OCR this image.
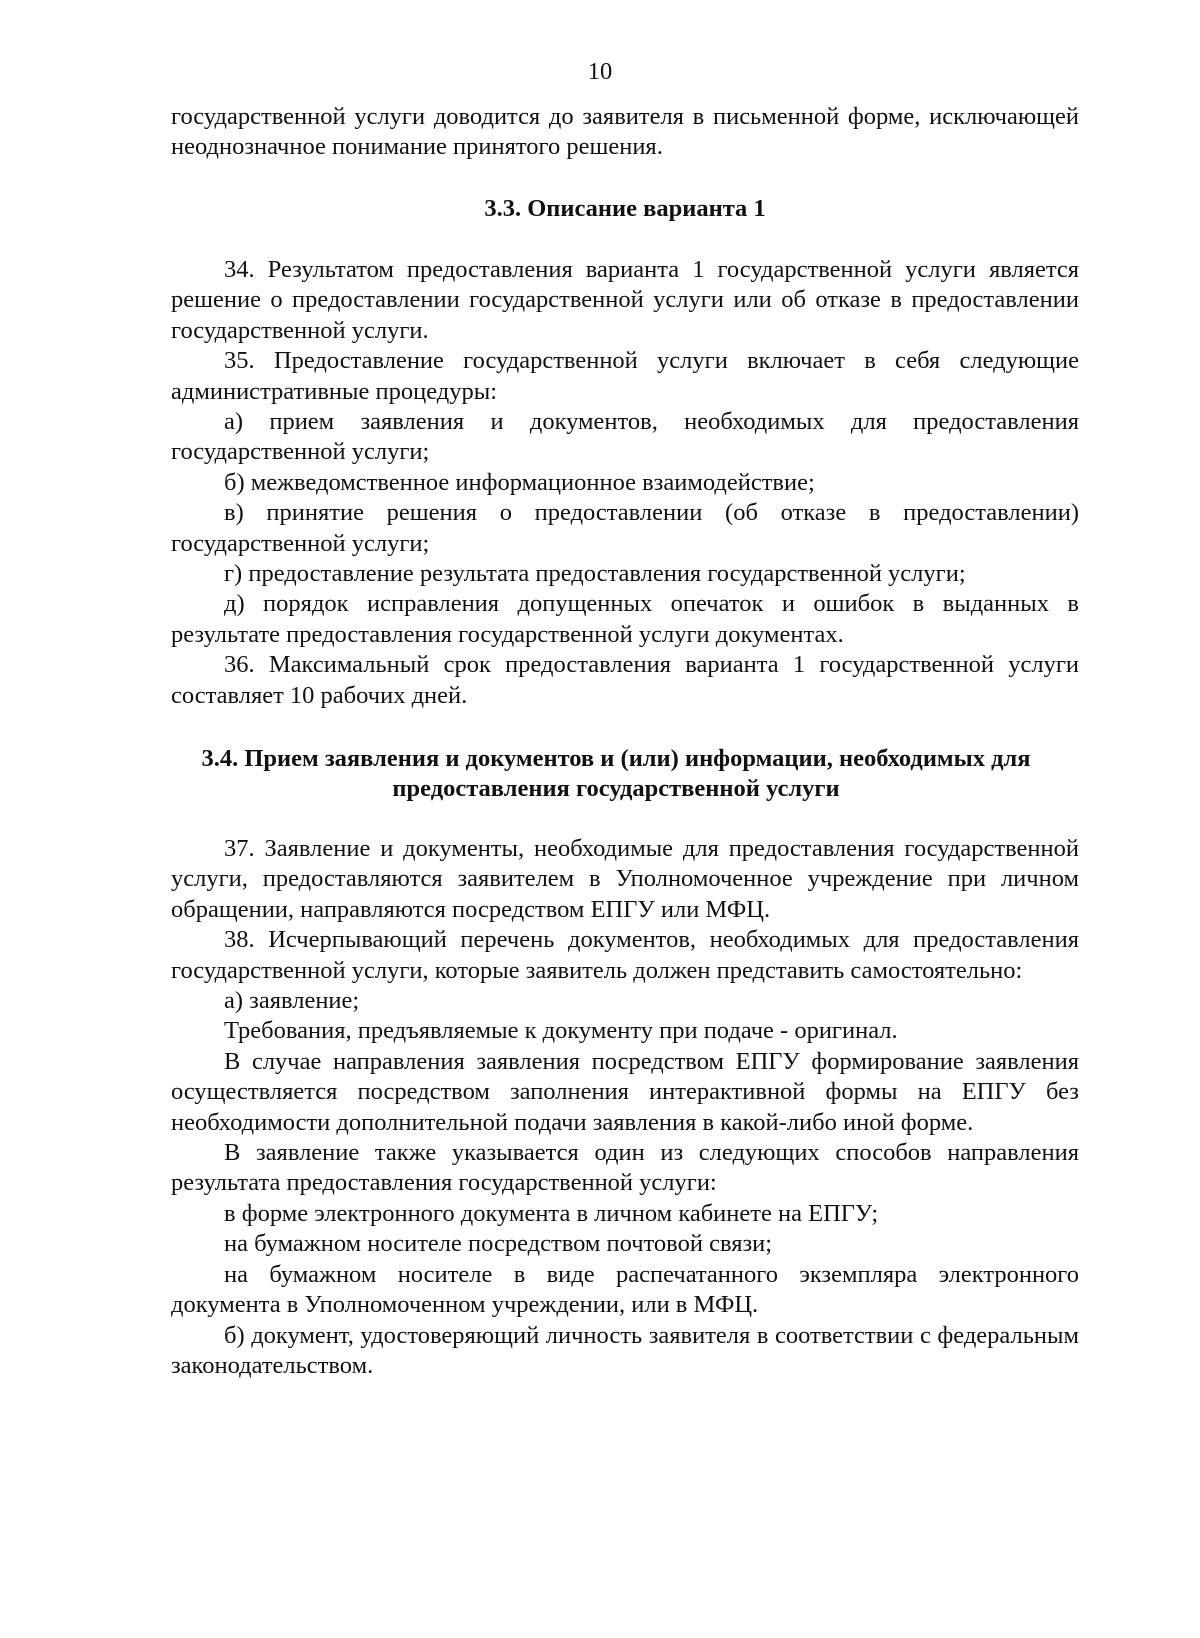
10

государственной услуги доводится до заявителя в письменной форме, исключающей неоднозначное понимание принятого решения.

3.3. Описание варианта 1

34. Результатом предоставления варианта 1 государственной услуги является решение о предоставлении государственной услуги или об отказе в предоставлении государственной услуги.

35. Предоставление государственной услуги включает в себя следующие административные процедуры:

а) прием заявления и документов, необходимых для предоставления государственной услуги;

б) межведомственное информационное взаимодействие;

в) принятие решения о предоставлении (об отказе в предоставлении) государственной услуги;

г) предоставление результата предоставления государственной услуги;

д) порядок исправления допущенных опечаток и ошибок в выданных в результате предоставления государственной услуги документах.

36. Максимальный срок предоставления варианта 1 государственной услуги составляет 10 рабочих дней.

3.4. Прием заявления и документов и (или) информации, необходимых для предоставления государственной услуги

37. Заявление и документы, необходимые для предоставления государственной услуги, предоставляются заявителем в Уполномоченное учреждение при личном обращении, направляются посредством ЕПГУ или МФЦ.

38. Исчерпывающий перечень документов, необходимых для предоставления государственной услуги, которые заявитель должен представить самостоятельно:

а) заявление;

Требования, предъявляемые к документу при подаче - оригинал.

В случае направления заявления посредством ЕПГУ формирование заявления осуществляется посредством заполнения интерактивной формы на ЕПГУ без необходимости дополнительной подачи заявления в какой-либо иной форме.

В заявление также указывается один из следующих способов направления результата предоставления государственной услуги:

в форме электронного документа в личном кабинете на ЕПГУ;

на бумажном носителе посредством почтовой связи;

на бумажном носителе в виде распечатанного экземпляра электронного документа в Уполномоченном учреждении, или в МФЦ.

б) документ, удостоверяющий личность заявителя в соответствии с федеральным законодательством.
